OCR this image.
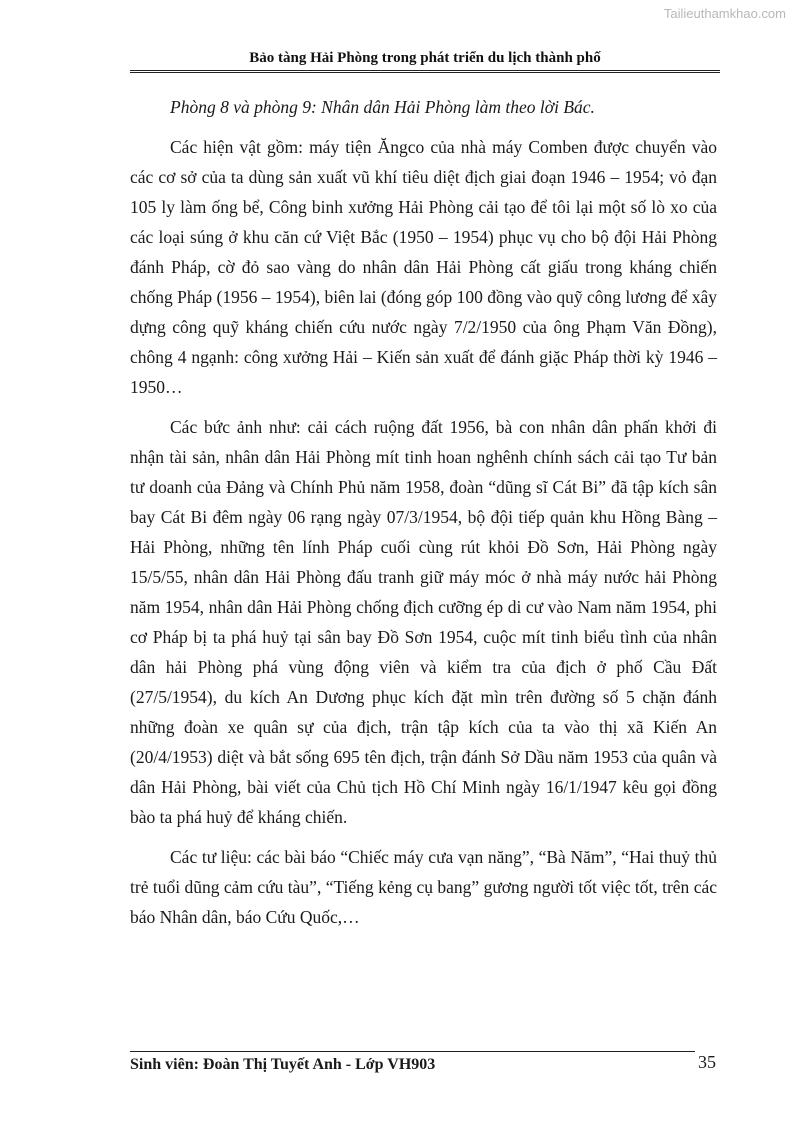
Tailieuthamkhao.com
Bảo tàng Hải Phòng trong phát triển du lịch thành phố

Phòng 8 và phòng 9: Nhân dân Hải Phòng làm theo lời Bác.

Các hiện vật gồm: máy tiện Ăngco của nhà máy Comben được chuyển vào các cơ sở của ta dùng sản xuất vũ khí tiêu diệt địch giai đoạn 1946 – 1954; vỏ đạn 105 ly làm ống bể, Công binh xưởng Hải Phòng cải tạo để tôi lại một số lò xo của các loại súng ở khu căn cứ Việt Bắc (1950 – 1954) phục vụ cho bộ đội Hải Phòng đánh Pháp, cờ đỏ sao vàng do nhân dân Hải Phòng cất giấu trong kháng chiến chống Pháp (1956 – 1954), biên lai (đóng góp 100 đồng vào quỹ công lương để xây dựng công quỹ kháng chiến cứu nước ngày 7/2/1950 của ông Phạm Văn Đồng), chông 4 ngạnh: công xưởng Hải – Kiến sản xuất để đánh giặc Pháp thời kỳ 1946 – 1950…

Các bức ảnh như: cải cách ruộng đất 1956, bà con nhân dân phấn khởi đi nhận tài sản, nhân dân Hải Phòng mít tinh hoan nghênh chính sách cải tạo Tư bản tư doanh của Đảng và Chính Phủ năm 1958, đoàn “dũng sĩ Cát Bi” đã tập kích sân bay Cát Bi đêm ngày 06 rạng ngày 07/3/1954, bộ đội tiếp quản khu Hồng Bàng – Hải Phòng, những tên lính Pháp cuối cùng rút khỏi Đồ Sơn, Hải Phòng ngày 15/5/55, nhân dân Hải Phòng đấu tranh giữ máy móc ở nhà máy nước hải Phòng năm 1954, nhân dân Hải Phòng chống địch cưỡng ép di cư vào Nam năm 1954, phi cơ Pháp bị ta phá huỷ tại sân bay Đồ Sơn 1954, cuộc mít tinh biểu tình của nhân dân hải Phòng phá vùng động viên và kiểm tra của địch ở phố Cầu Đất (27/5/1954), du kích An Dương phục kích đặt mìn trên đường số 5 chặn đánh những đoàn xe quân sự của địch, trận tập kích của ta vào thị xã Kiến An (20/4/1953) diệt và bắt sống 695 tên địch, trận đánh Sở Dầu năm 1953 của quân và dân Hải Phòng, bài viết của Chủ tịch Hồ Chí Minh ngày 16/1/1947 kêu gọi đồng bào ta phá huỷ để kháng chiến.

Các tư liệu: các bài báo “Chiếc máy cưa vạn năng”, “Bà Năm”, “Hai thuỷ thủ trẻ tuổi dũng cảm cứu tàu”, “Tiếng kẻng cụ bang” gương người tốt việc tốt, trên các báo Nhân dân, báo Cứu Quốc,…

Sinh viên: Đoàn Thị Tuyết Anh - Lớp VH903	35
